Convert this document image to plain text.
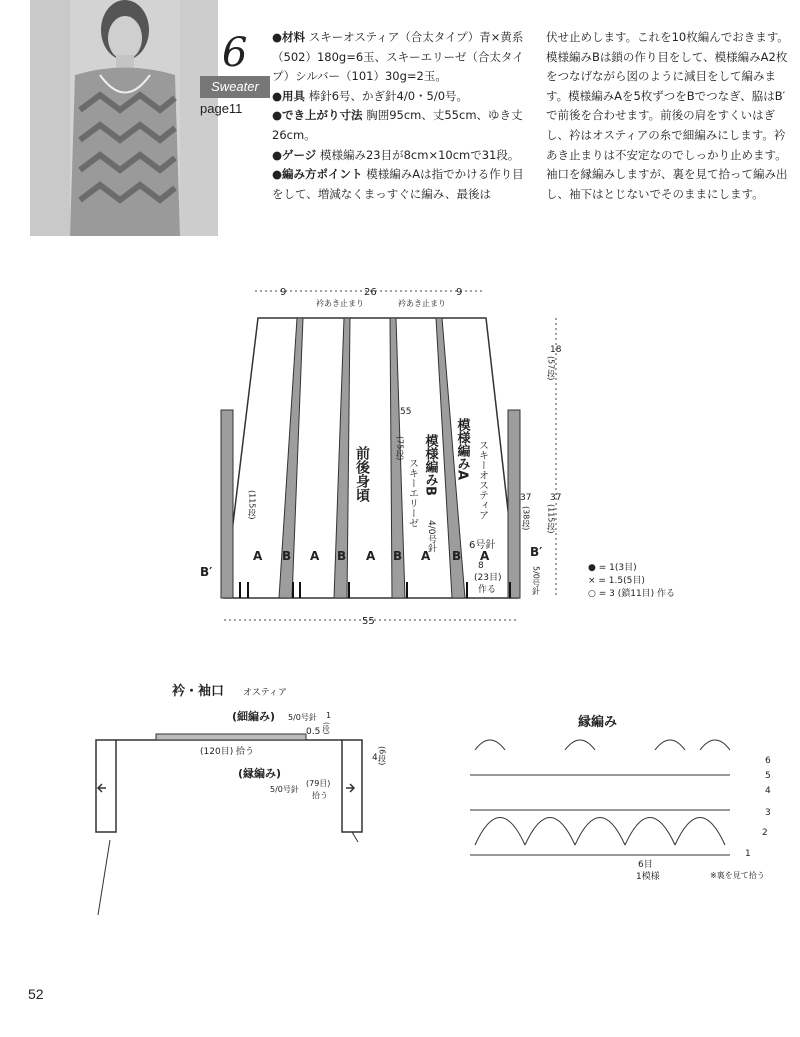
6
Sweater
page11
●材料 スキーオスティア（合太タイプ）青×黄系（502）180g=6玉、スキーエリーゼ（合太タイプ）シルバー（101）30g=2玉。
●用具 棒針6号、かぎ針4/0・5/0号。
●でき上がり寸法 胸囲95cm、丈55cm、ゆき丈26cm。
●ゲージ 模様編み23目が8cm×10cmで31段。
●編み方ポイント 模様編みAは指でかける作り目をして、増減なくまっすぐに編み、最後は
伏せ止めします。これを10枚編んでおきます。模様編みBは鎖の作り目をして、模様編みA2枚をつなげながら図のように減目をして編みます。模様編みAを5枚ずつをBでつなぎ、脇はB′で前後を合わせます。前後の肩をすくいはぎし、衿はオスティアの糸で細編みにします。衿あき止まりは不安定なのでしっかり止めます。袖口を縁編みしますが、裏を見て拾って編み出し、袖下はとじないでそのままにします。
9	26	9
衿あき止まり	衿あき止まり
A B A B A B A B A
前後身頃	模様編みB
スキーエリーゼ
4/0号針
模様編みA スキーオスティア
6号針
55
(75段)
37
(38段)
(115段)
18
(57段)
37
(115段)
B′
B′
5/0号針
8
(23目)
作る
55
● = 1(3目)
× = 1.5(5目)
○ = 3 (鎖11目) 作る
衿・袖口 オスティア
(細編み) 5/0号針 1
(段)
0.5
(120目) 拾う
(縁編み)
5/0号針
(79目)
拾う
4 (6段)
縁編み
6
5
4
3
2
1
6目
1模様	※裏を見て拾う
52
